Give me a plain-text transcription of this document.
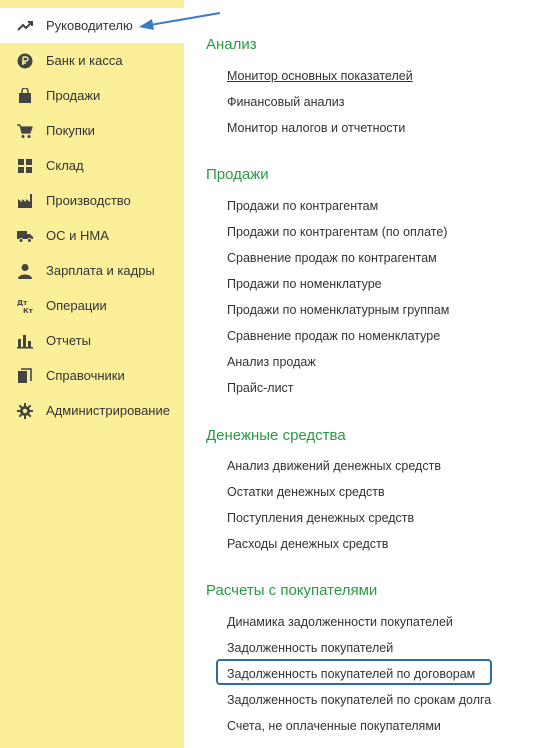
Руководителю
Банк и касса
Продажи
Покупки
Склад
Производство
ОС и НМА
Зарплата и кадры
Дт
Кт Операции
Отчеты
Справочники
Администрирование
Анализ
Монитор основных показателей
Финансовый анализ
Монитор налогов и отчетности
Продажи
Продажи по контрагентам
Продажи по контрагентам (по оплате)
Сравнение продаж по контрагентам
Продажи по номенклатуре
Продажи по номенклатурным группам
Сравнение продаж по номенклатуре
Анализ продаж
Прайс-лист
Денежные средства
Анализ движений денежных средств
Остатки денежных средств
Поступления денежных средств
Расходы денежных средств
Расчеты с покупателями
Динамика задолженности покупателей
Задолженность покупателей
Задолженность покупателей по договорам
Задолженность покупателей по срокам долга
Счета, не оплаченные покупателями
